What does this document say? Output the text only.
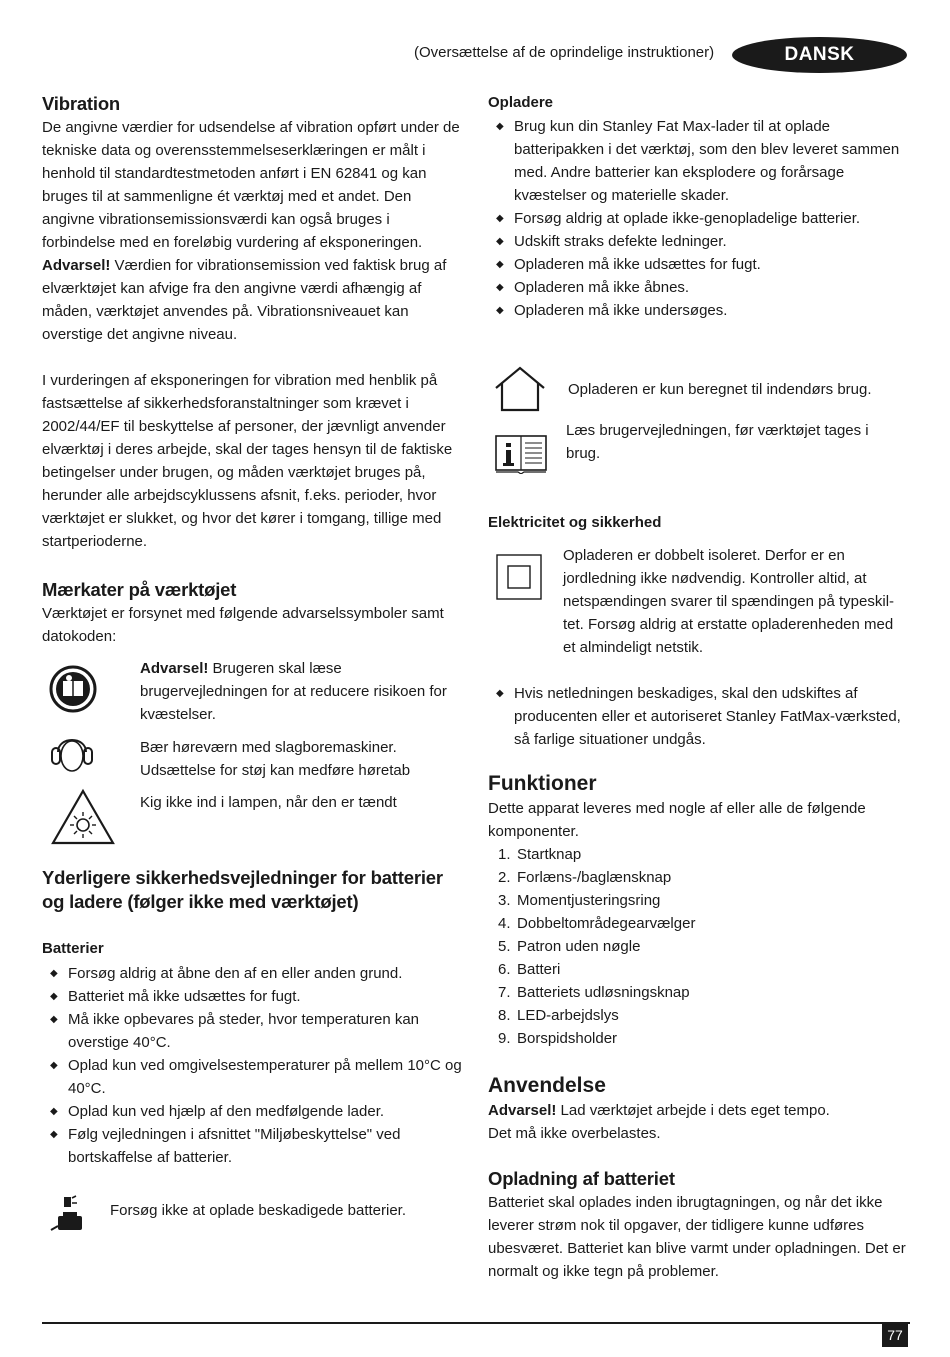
(Oversættelse af de oprindelige instruktioner)	DANSK
Vibration

De angivne værdier for udsendelse af vibration opført under de tekniske data og overensstemmelseserklæringen er målt i henhold til standardtestmetoden anført i EN 62841 og kan bruges til at sammenligne ét værktøj med et andet. Den angivne vibrationsemissionsværdi kan også bruges i forbindelse med en foreløbig vurdering af eksponeringen. Advarsel! Værdien for vibrationsemission ved faktisk brug af elværktøjet kan afvige fra den angivne værdi afhængig af måden, værktøjet anvendes på. Vibrationsniveauet kan overstige det angivne niveau.

I vurderingen af eksponeringen for vibration med henblik på fastsættelse af sikkerhedsforanstaltninger som krævet i 2002/44/EF til beskyttelse af personer, der jævnligt anvender elværktøj i deres arbejde, skal der tages hensyn til de faktiske betingelser under brugen, og måden værktøjet bruges på, herunder alle arbejdscyklussens afsnit, f.eks. perioder, hvor værktøjet er slukket, og hvor det kører i tomgang, tillige med startperioderne.

Mærkater på værktøjet

Værktøjet er forsynet med følgende advarselssymboler samt datokoden:

Advarsel! Brugeren skal læse brugervejledningen for at reducere risikoen for kvæstelser.
Bær høreværn med slagboremaskiner. Udsættelse for støj kan medføre høretab
Kig ikke ind i lampen, når den er tændt
Yderligere sikkerhedsvejledninger for batterier og ladere (følger ikke med værktøjet)
Batterier
◆ Forsøg aldrig at åbne den af en eller anden grund.
◆ Batteriet må ikke udsættes for fugt.
◆ Må ikke opbevares på steder, hvor temperaturen kan overstige 40°C.
◆ Oplad kun ved omgivelsestemperaturer på mellem 10°C og 40°C.
◆ Oplad kun ved hjælp af den medfølgende lader.
◆ Følg vejledningen i afsnittet "Miljøbeskyttelse" ved bortskaffelse af batterier.
Forsøg ikke at oplade beskadigede batterier.
Opladere
◆ Brug kun din Stanley Fat Max-lader til at oplade batteripakken i det værktøj, som den blev leveret sammen med. Andre batterier kan eksplodere og forårsage kvæstelser og materielle skader.
◆ Forsøg aldrig at oplade ikke-genopladelige batterier.
◆ Udskift straks defekte ledninger.
◆ Opladeren må ikke udsættes for fugt.
◆ Opladeren må ikke åbnes.
◆ Opladeren må ikke undersøges.
Opladeren er kun beregnet til indendørs brug.
Læs brugervejledningen, før værktøjet tages i brug.
Elektricitet og sikkerhed
Opladeren er dobbelt isoleret. Derfor er en jordledning ikke nødvendig. Kontroller altid, at netspændingen svarer til spændingen på typeskil-tet. Forsøg aldrig at erstatte opladerenheden med et almindeligt netstik.
◆ Hvis netledningen beskadiges, skal den udskiftes af producenten eller et autoriseret Stanley FatMax-værksted, så farlige situationer undgås.
Funktioner

Dette apparat leveres med nogle af eller alle de følgende komponenter.

1. Startknap
2. Forlæns-/baglænsknap
3. Momentjusteringsring
4. Dobbeltområdegearvælger
5. Patron uden nøgle
6. Batteri
7. Batteriets udløsningsknap
8. LED-arbejdslys
9. Borspidsholder
Anvendelse

Advarsel! Lad værktøjet arbejde i dets eget tempo.

Det må ikke overbelastes.

Opladning af batteriet

Batteriet skal oplades inden ibrugtagningen, og når det ikke leverer strøm nok til opgaver, der tidligere kunne udføres ubesværet. Batteriet kan blive varmt under opladningen. Det er normalt og ikke tegn på problemer.

77
